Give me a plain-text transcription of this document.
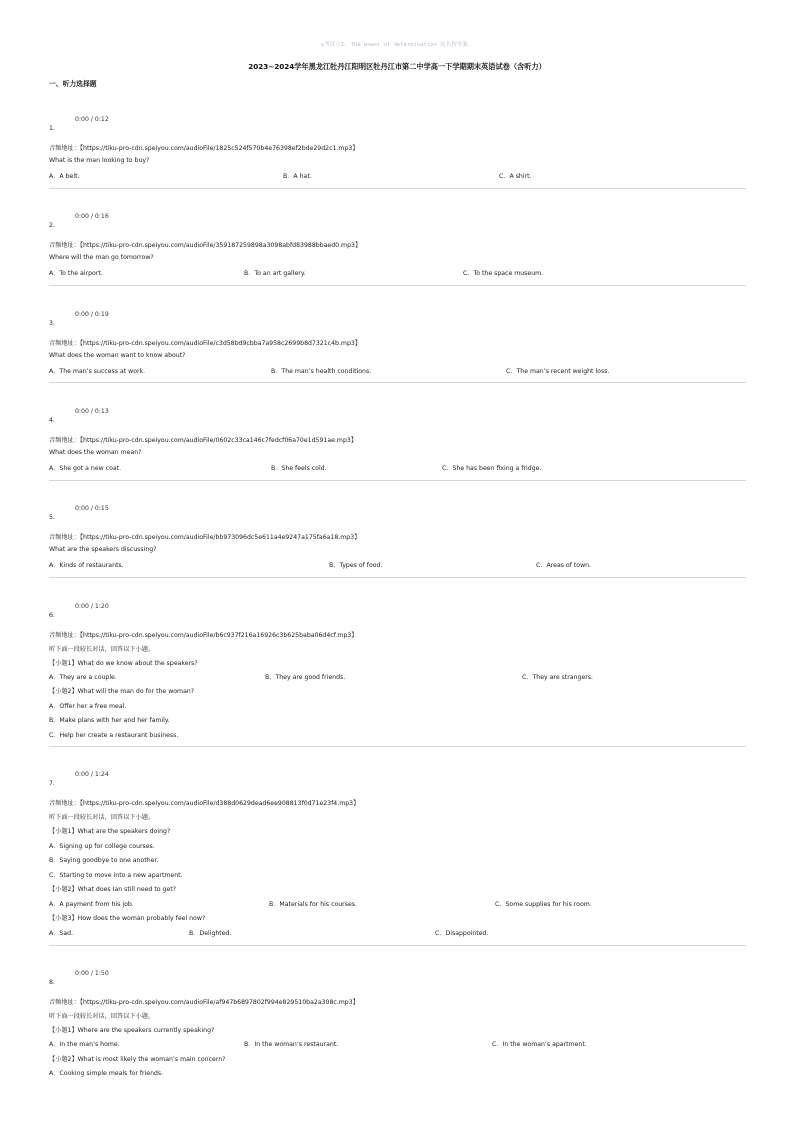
◎考试小I: The power of determination 看名校答案。
2023~2024学年黑龙江牡丹江阳明区牡丹江市第二中学高一下学期期末英语试卷（含听力）
一、听力选择题
0:00 / 0:12
1.
音频地址：【https://tiku-pro-cdn.speiyou.com/audioFile/1825c524f570b4e76398ef2bde29d2c1.mp3】
What is the man looking to buy?
A．A belt.	B．A hat.	C．A shirt.
0:00 / 0:16
2.
音频地址：【https://tiku-pro-cdn.speiyou.com/audioFile/359187259898a3098abfd83988bbaed0.mp3】
Where will the man go tomorrow?
A．To the airport.	B．To an art gallery.	C．To the space museum.
0:00 / 0:19
3.
音频地址：【https://tiku-pro-cdn.speiyou.com/audioFile/c3d58bd9cbba7a958c2699b8d7321c4b.mp3】
What does the woman want to know about?
A．The man’s success at work.	B．The man’s health conditions.	C．The man’s recent weight loss.
0:00 / 0:13
4.
音频地址：【https://tiku-pro-cdn.speiyou.com/audioFile/0602c33ca146c7fedcf06a70e1d591ae.mp3】
What does the woman mean?
A．She got a new coat.	B．She feels cold.	C．She has been fixing a fridge.
0:00 / 0:15
5.
音频地址：【https://tiku-pro-cdn.speiyou.com/audioFile/bb973096dc5e611a4e9247a175fa6a18.mp3】
What are the speakers discussing?
A．Kinds of restaurants.	B．Types of food.	C．Areas of town.
0:00 / 1:20
6.
音频地址：【https://tiku-pro-cdn.speiyou.com/audioFile/b6c937f216a16926c3b625baba06d4cf.mp3】
听下面一段较长对话，回答以下小题。
【小题1】What do we know about the speakers?
A．They are a couple.	B．They are good friends.	C．They are strangers.
【小题2】What will the man do for the woman?
A．Offer her a free meal.
B．Make plans with her and her family.
C．Help her create a restaurant business.
0:00 / 1:24
7.
音频地址：【https://tiku-pro-cdn.speiyou.com/audioFile/d388d0629dead6ee908813f0d71e23f4.mp3】
听下面一段较长对话，回答以下小题。
【小题1】What are the speakers doing?
A．Signing up for college courses.
B．Saying goodbye to one another.
C．Starting to move into a new apartment.
【小题2】What does Ian still need to get?
A．A payment from his job.	B．Materials for his courses.	C．Some supplies for his room.
【小题3】How does the woman probably feel now?
A．Sad.	B．Delighted.	C．Disappointed.
0:00 / 1:50
8.
音频地址：【https://tiku-pro-cdn.speiyou.com/audioFile/af947b6897802f994e829510ba2a308c.mp3】
听下面一段较长对话，回答以下小题。
【小题1】Where are the speakers currently speaking?
A．In the man’s home.	B．In the woman’s restaurant.	C．In the woman’s apartment.
【小题2】What is most likely the woman’s main concern?
A．Cooking simple meals for friends.
